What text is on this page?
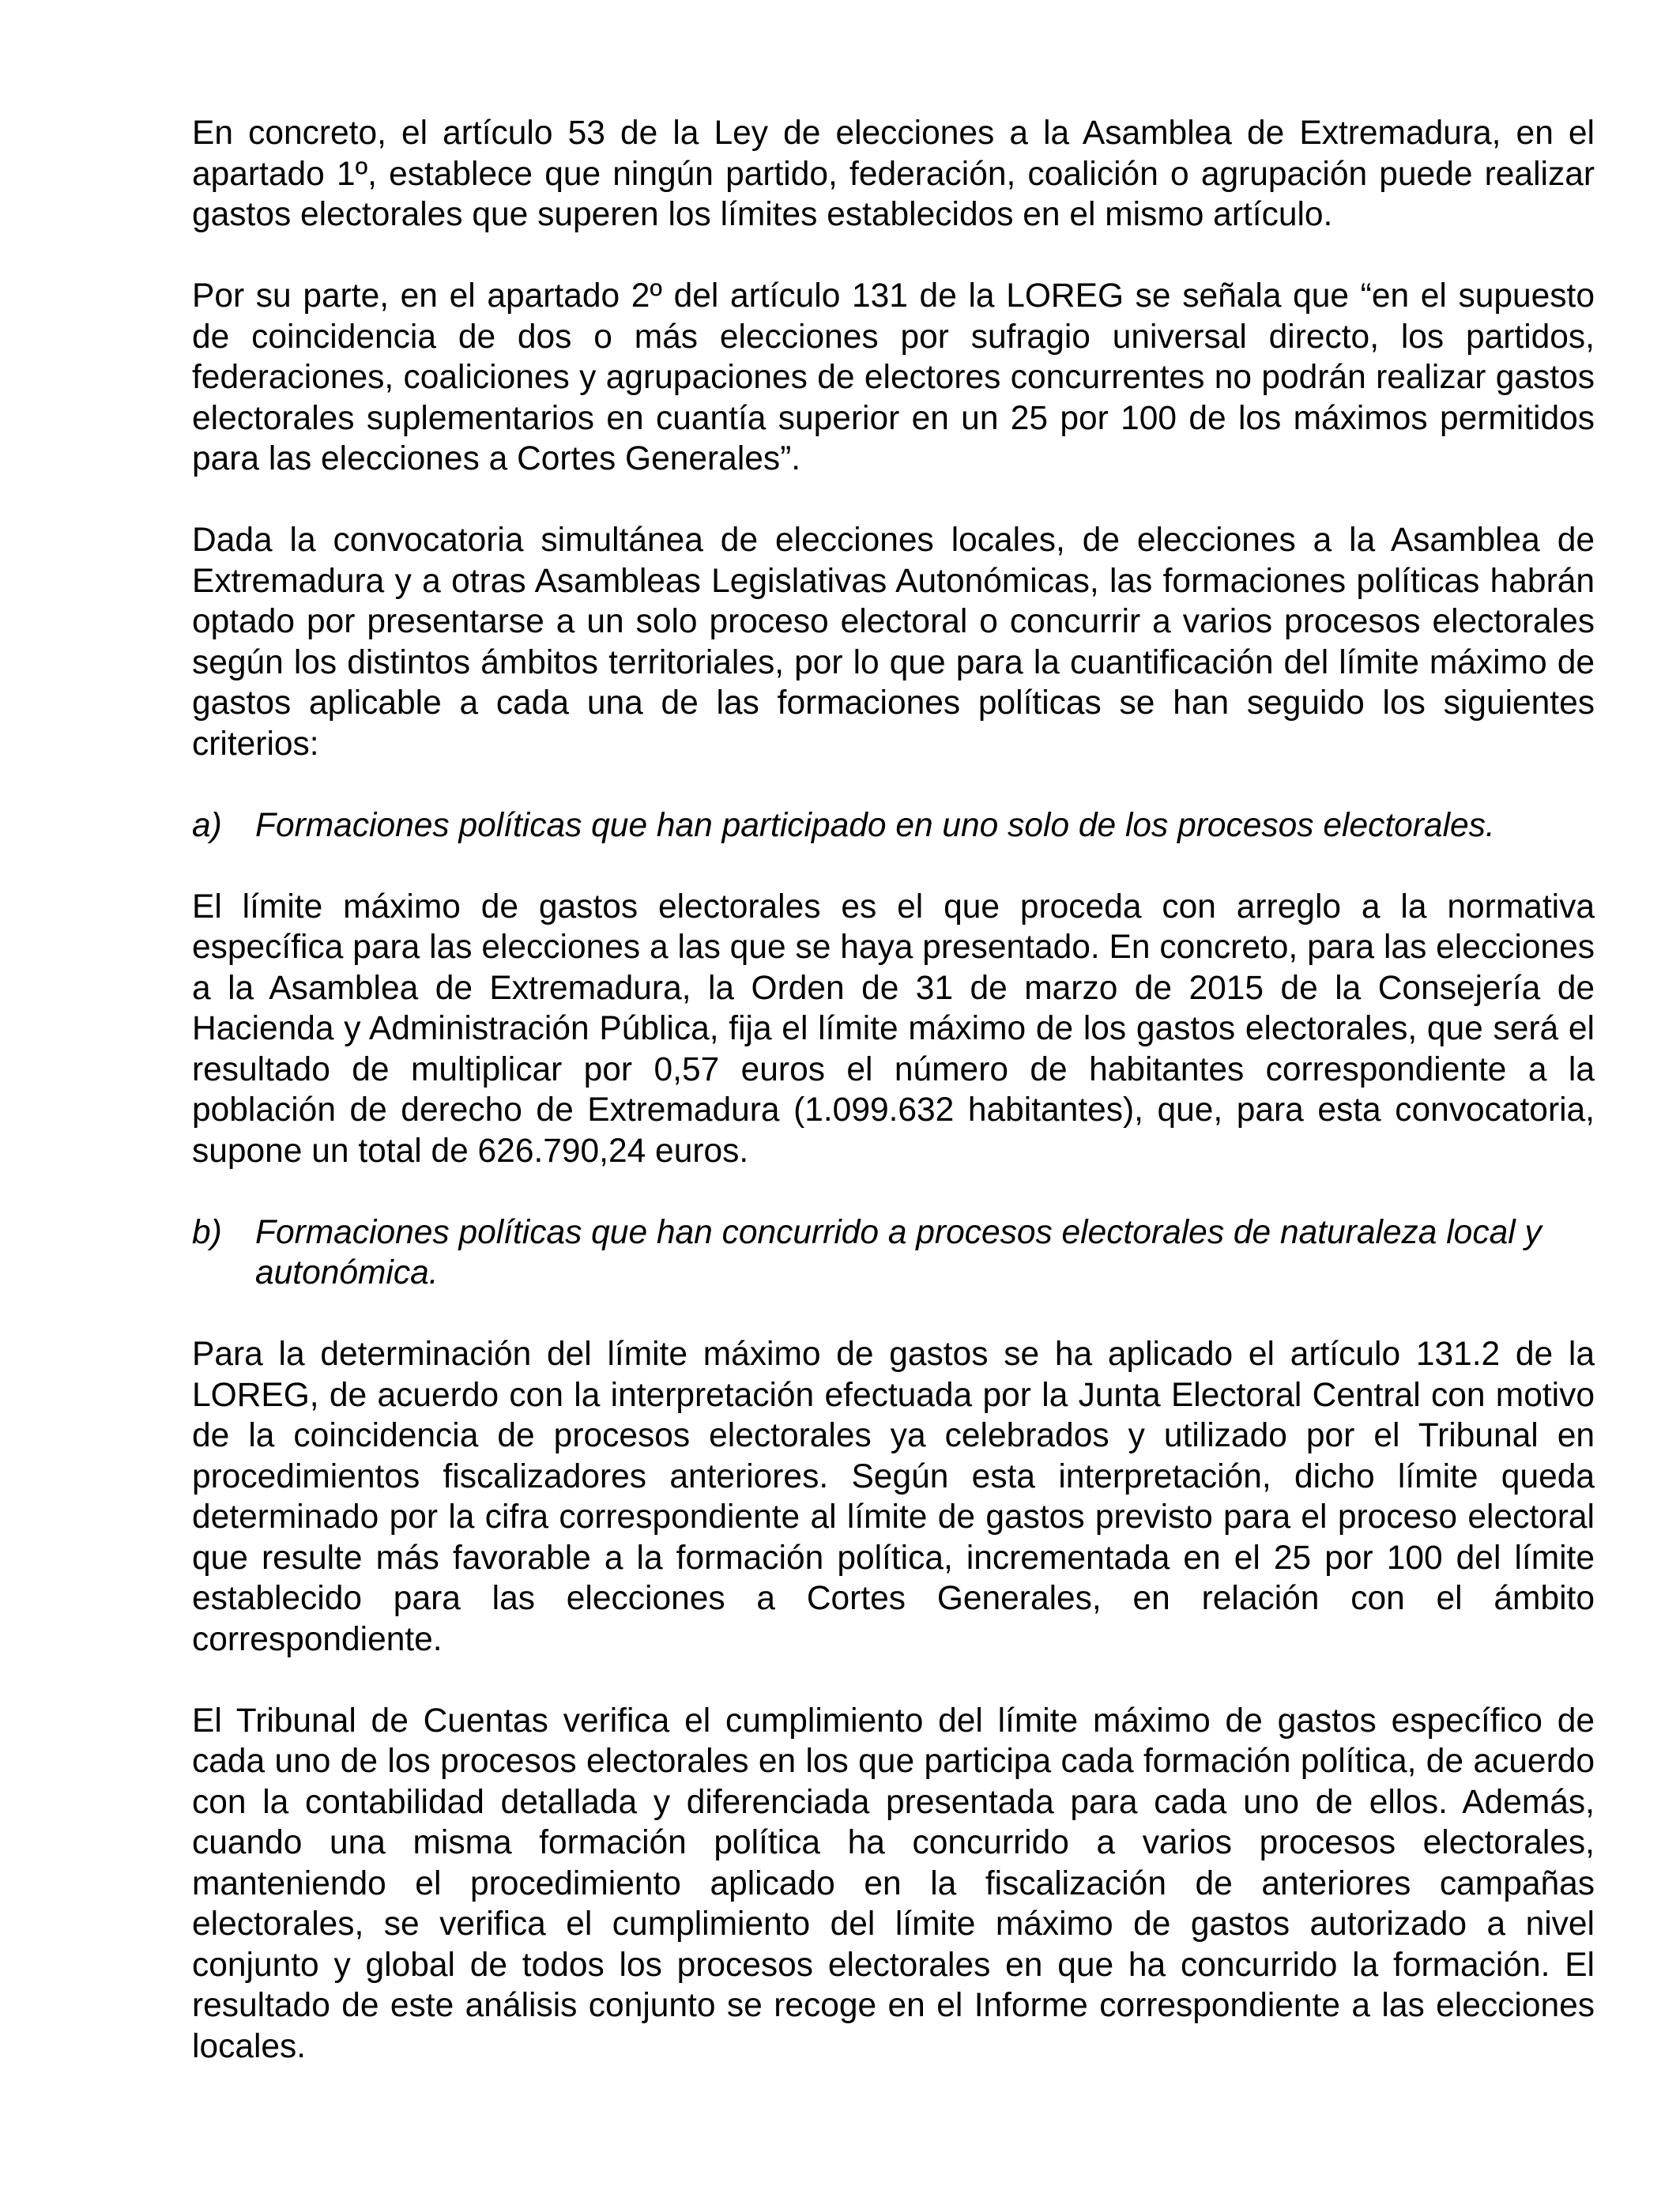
En concreto, el artículo 53 de la Ley de elecciones a la Asamblea de Extremadura, en el apartado 1º, establece que ningún partido, federación, coalición o agrupación puede realizar gastos electorales que superen los límites establecidos en el mismo artículo.

Por su parte, en el apartado 2º del artículo 131 de la LOREG se señala que “en el supuesto de coincidencia de dos o más elecciones por sufragio universal directo, los partidos, federaciones, coaliciones y agrupaciones de electores concurrentes no podrán realizar gastos electorales suplementarios en cuantía superior en un 25 por 100 de los máximos permitidos para las elecciones a Cortes Generales”.

Dada la convocatoria simultánea de elecciones locales, de elecciones a la Asamblea de Extremadura y a otras Asambleas Legislativas Autonómicas, las formaciones políticas habrán optado por presentarse a un solo proceso electoral o concurrir a varios procesos electorales según los distintos ámbitos territoriales, por lo que para la cuantificación del límite máximo de gastos aplicable a cada una de las formaciones políticas se han seguido los siguientes criterios:

a) Formaciones políticas que han participado en uno solo de los procesos electorales.

El límite máximo de gastos electorales es el que proceda con arreglo a la normativa específica para las elecciones a las que se haya presentado. En concreto, para las elecciones a la Asamblea de Extremadura, la Orden de 31 de marzo de 2015 de la Consejería de Hacienda y Administración Pública, fija el límite máximo de los gastos electorales, que será el resultado de multiplicar por 0,57 euros el número de habitantes correspondiente a la población de derecho de Extremadura (1.099.632 habitantes), que, para esta convocatoria, supone un total de 626.790,24 euros.

b) Formaciones políticas que han concurrido a procesos electorales de naturaleza local y autonómica.

Para la determinación del límite máximo de gastos se ha aplicado el artículo 131.2 de la LOREG, de acuerdo con la interpretación efectuada por la Junta Electoral Central con motivo de la coincidencia de procesos electorales ya celebrados y utilizado por el Tribunal en procedimientos fiscalizadores anteriores. Según esta interpretación, dicho límite queda determinado por la cifra correspondiente al límite de gastos previsto para el proceso electoral que resulte más favorable a la formación política, incrementada en el 25 por 100 del límite establecido para las elecciones a Cortes Generales, en relación con el ámbito correspondiente.

El Tribunal de Cuentas verifica el cumplimiento del límite máximo de gastos específico de cada uno de los procesos electorales en los que participa cada formación política, de acuerdo con la contabilidad detallada y diferenciada presentada para cada uno de ellos. Además, cuando una misma formación política ha concurrido a varios procesos electorales, manteniendo el procedimiento aplicado en la fiscalización de anteriores campañas electorales, se verifica el cumplimiento del límite máximo de gastos autorizado a nivel conjunto y global de todos los procesos electorales en que ha concurrido la formación. El resultado de este análisis conjunto se recoge en el Informe correspondiente a las elecciones locales.
